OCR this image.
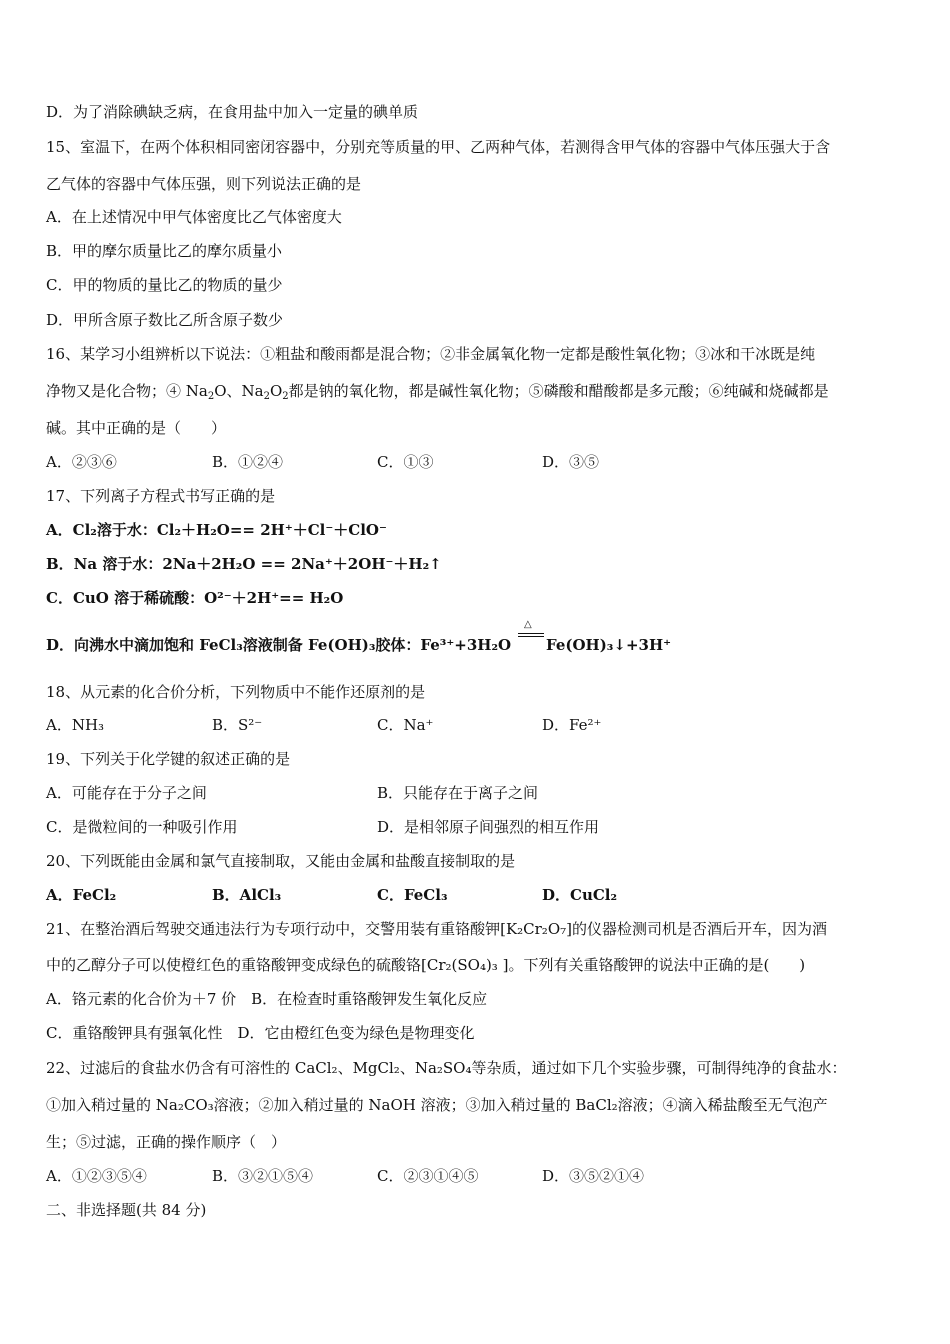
D．为了消除碘缺乏病，在食用盐中加入一定量的碘单质
15、室温下，在两个体积相同密闭容器中，分别充等质量的甲、乙两种气体，若测得含甲气体的容器中气体压强大于含
乙气体的容器中气体压强，则下列说法正确的是
A．在上述情况中甲气体密度比乙气体密度大
B．甲的摩尔质量比乙的摩尔质量小
C．甲的物质的量比乙的物质的量少
D．甲所含原子数比乙所含原子数少
16、某学习小组辨析以下说法：①粗盐和酸雨都是混合物；②非金属氧化物一定都是酸性氧化物；③冰和干冰既是纯
净物又是化合物；④ $Na_2O$、$Na_2O_2$都是钠的氧化物，都是碱性氧化物；⑤磷酸和醋酸都是多元酸；⑥纯碱和烧碱都是
碱。其中正确的是（　　）
A．②③⑥	B．①②④	C．①③	D．③⑤
17、下列离子方程式书写正确的是
A．Cl₂溶于水：Cl₂＋H₂O== 2H⁺＋Cl⁻＋ClO⁻
B．Na 溶于水：2Na＋2H₂O == 2Na⁺＋2OH⁻＋H₂↑
C．CuO 溶于稀硫酸：O²⁻＋2H⁺== H₂O
D．向沸水中滴加饱和 FeCl₃溶液制备 Fe(OH)₃胶体：Fe³⁺+3H₂O
△
Fe(OH)₃↓+3H⁺
18、从元素的化合价分析，下列物质中不能作还原剂的是
A．NH₃	B．S²⁻	C．Na⁺	D．Fe²⁺
19、下列关于化学键的叙述正确的是
A．可能存在于分子之间	B．只能存在于离子之间
C．是微粒间的一种吸引作用	D．是相邻原子间强烈的相互作用
20、下列既能由金属和氯气直接制取，又能由金属和盐酸直接制取的是
A．FeCl₂	B．AlCl₃	C．FeCl₃	D．CuCl₂
21、在整治酒后驾驶交通违法行为专项行动中，交警用装有重铬酸钾[K₂Cr₂O₇]的仪器检测司机是否酒后开车，因为酒
中的乙醇分子可以使橙红色的重铬酸钾变成绿色的硫酸铬[Cr₂(SO₄)₃ ]。下列有关重铬酸钾的说法中正确的是(　　)
A．铬元素的化合价为＋7 价　B．在检查时重铬酸钾发生氧化反应
C．重铬酸钾具有强氧化性　D．它由橙红色变为绿色是物理变化
22、过滤后的食盐水仍含有可溶性的 CaCl₂、MgCl₂、Na₂SO₄等杂质，通过如下几个实验步骤，可制得纯净的食盐水：
①加入稍过量的 Na₂CO₃溶液；②加入稍过量的 NaOH 溶液；③加入稍过量的 BaCl₂溶液；④滴入稀盐酸至无气泡产
生；⑤过滤，正确的操作顺序（　）
A．①②③⑤④	B．③②①⑤④	C．②③①④⑤	D．③⑤②①④
二、非选择题(共 84 分)
